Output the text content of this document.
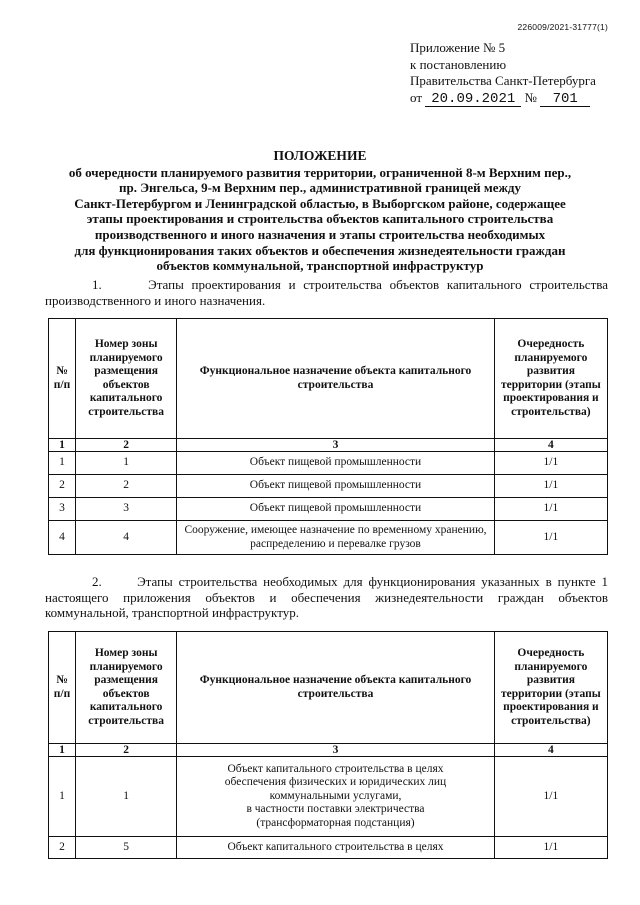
226009/2021-31777(1)
Приложение № 5
к постановлению
Правительства Санкт-Петербурга
от 20.09.2021 № 701
ПОЛОЖЕНИЕ
об очередности планируемого развития территории, ограниченной 8-м Верхним пер.,
пр. Энгельса, 9-м Верхним пер., административной границей между
Санкт-Петербургом и Ленинградской областью, в Выборгском районе, содержащее
этапы проектирования и строительства объектов капитального строительства
производственного и иного назначения и этапы строительства необходимых
для функционирования таких объектов и обеспечения жизнедеятельности граждан
объектов коммунальной, транспортной инфраструктур
1.	Этапы проектирования и строительства объектов капитального строительства производственного и иного назначения.
№ п/п	Номер зоны планируемого размещения объектов капитального строительства	Функциональное назначение объекта капитального строительства	Очередность планируемого развития территории (этапы проектирования и строительства)
1	2	3	4
1	1	Объект пищевой промышленности	1/1
2	2	Объект пищевой промышленности	1/1
3	3	Объект пищевой промышленности	1/1
4	4	Сооружение, имеющее назначение по временному хранению, распределению и перевалке грузов	1/1
2.	Этапы строительства необходимых для функционирования указанных в пункте 1 настоящего приложения объектов и обеспечения жизнедеятельности граждан объектов коммунальной, транспортной инфраструктур.
№ п/п	Номер зоны планируемого размещения объектов капитального строительства	Функциональное назначение объекта капитального строительства	Очередность планируемого развития территории (этапы проектирования и строительства)
1	2	3	4
1	1	Объект капитального строительства в целях
обеспечения физических и юридических лиц
коммунальными услугами,
в частности поставки электричества
(трансформаторная подстанция)	1/1
2	5	Объект капитального строительства в целях	1/1
